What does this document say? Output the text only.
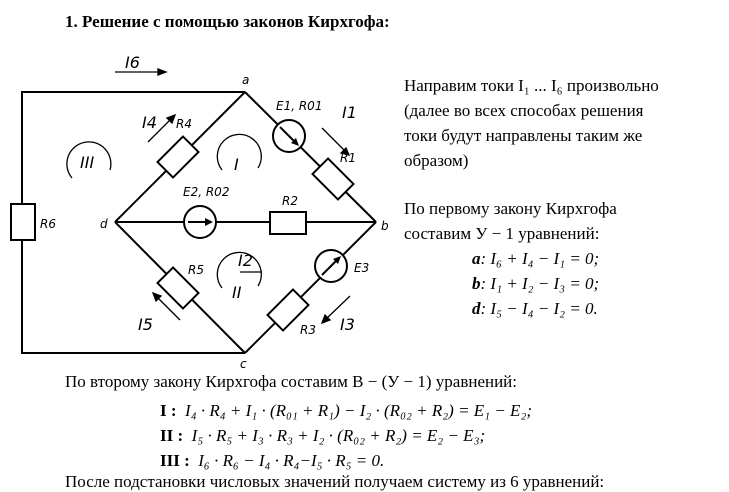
1. Решение с помощью законов Кирхгофа:
a
b
c
d
R6
R4
R1
R2
R5
R3
E1, R01
E2, R02
E3
I6
I4
I1
I2
I5	I3
III	I
II
Направим токи I₁ ... I₆ произвольно
(далее во всех способах решения
токи будут направлены таким же
образом)
По первому закону Кирхгофа
составим У − 1 уравнений:
a: I₆ + I₄ − I₁ = 0;
b: I₁ + I₂ − I₃ = 0;
d: I₅ − I₄ − I₂ = 0.
По второму закону Кирхгофа составим В − (У − 1) уравнений:
I : I₄ · R₄ + I₁ · (R₀₁ + R₁) − I₂ · (R₀₂ + R₂) = E₁ − E₂;
II : I₅ · R₅ + I₃ · R₃ + I₂ · (R₀₂ + R₂) = E₂ − E₃;
III : I₆ · R₆ − I₄ · R₄−I₅ · R₅ = 0.
После подстановки числовых значений получаем систему из 6 уравнений:
